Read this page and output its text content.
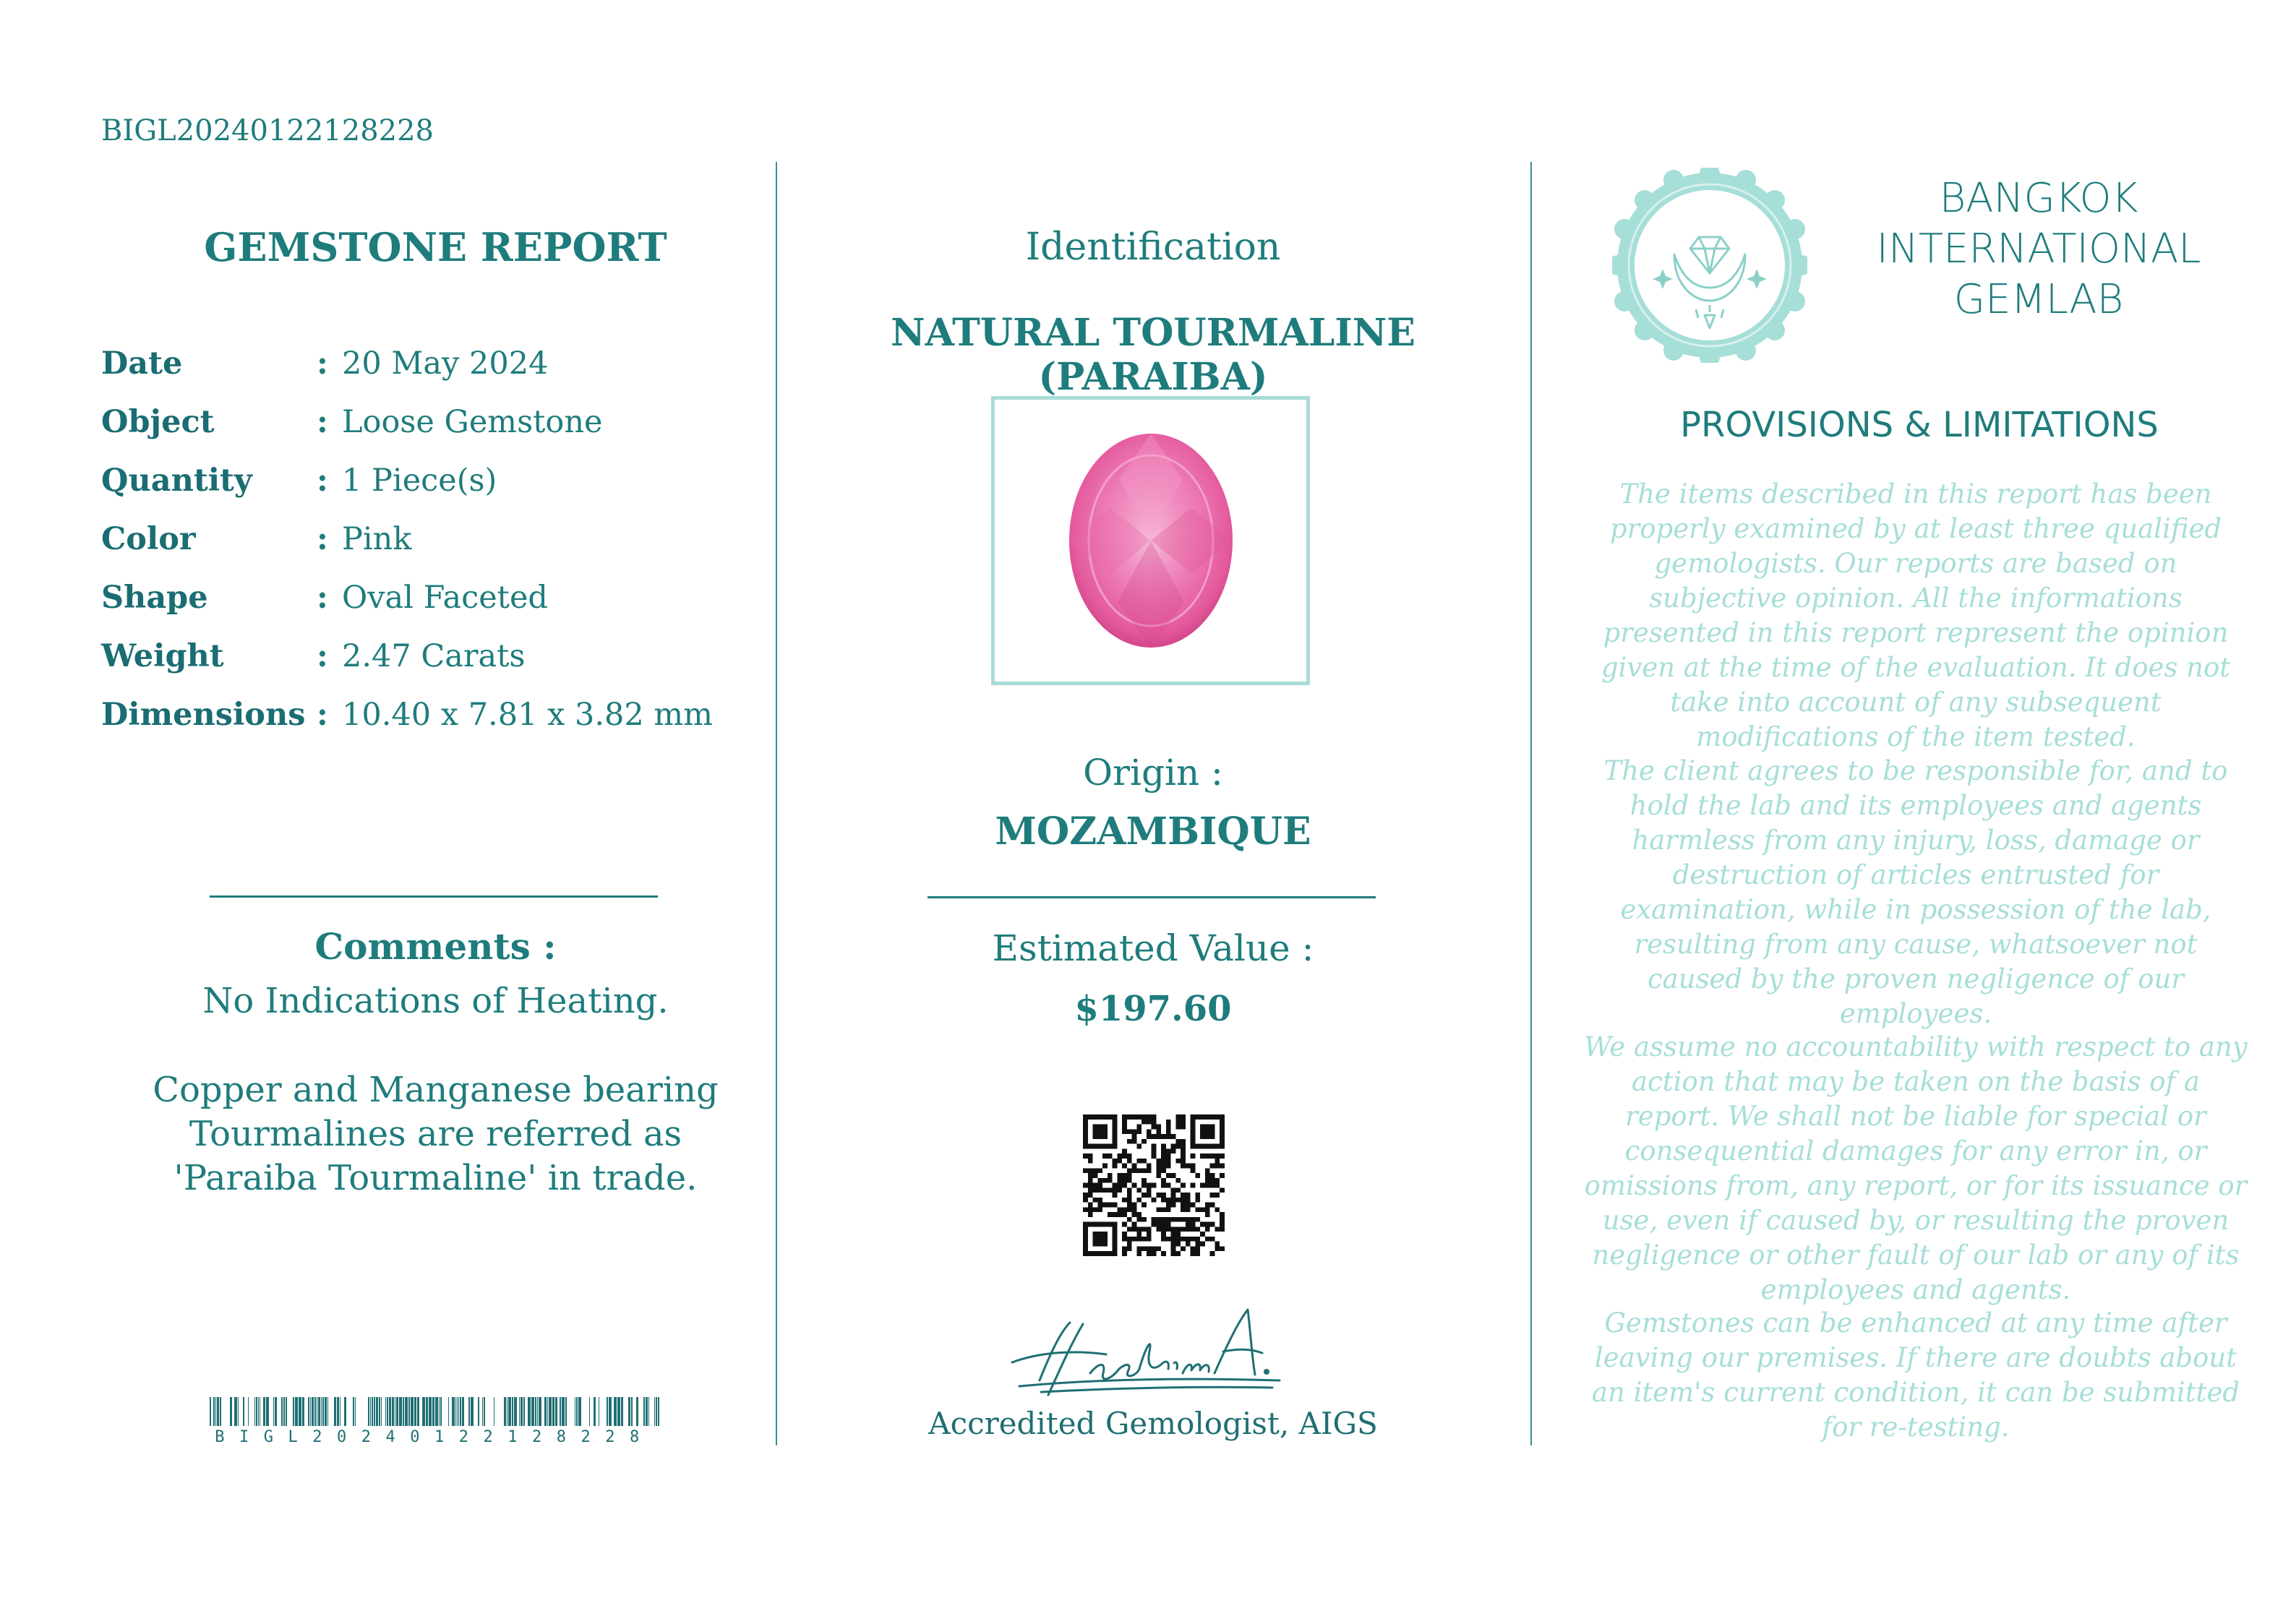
BIGL20240122128228
GEMSTONE REPORT
Date	: 20 May 2024
Object	: Loose Gemstone
Quantity : 1 Piece(s)
Color	: Pink
Shape	: Oval Faceted
Weight	: 2.47 Carats
Dimensions : 10.40 x 7.81 x 3.82 mm
Comments :
No Indications of Heating.
Copper and Manganese bearing Tourmalines are referred as 'Paraiba Tourmaline' in trade.
BIGL20240122128228
Identification
NATURAL TOURMALINE (PARAIBA)
Origin :
MOZAMBIQUE
Estimated Value :
$197.60
Accredited Gemologist, AIGS
BANGKOK
INTERNATIONAL
GEMLAB
PROVISIONS & LIMITATIONS
The items described in this report has been properly examined by at least three qualified gemologists. Our reports are based on subjective opinion. All the informations presented in this report represent the opinion given at the time of the evaluation. It does not take into account of any subsequent modifications of the item tested.
The client agrees to be responsible for, and to hold the lab and its employees and agents harmless from any injury, loss, damage or destruction of articles entrusted for examination, while in possession of the lab, resulting from any cause, whatsoever not caused by the proven negligence of our employees.
We assume no accountability with respect to any action that may be taken on the basis of a report. We shall not be liable for special or consequential damages for any error in, or omissions from, any report, or for its issuance or use, even if caused by, or resulting the proven negligence or other fault of our lab or any of its employees and agents.
Gemstones can be enhanced at any time after leaving our premises. If there are doubts about an item's current condition, it can be submitted for re-testing.
